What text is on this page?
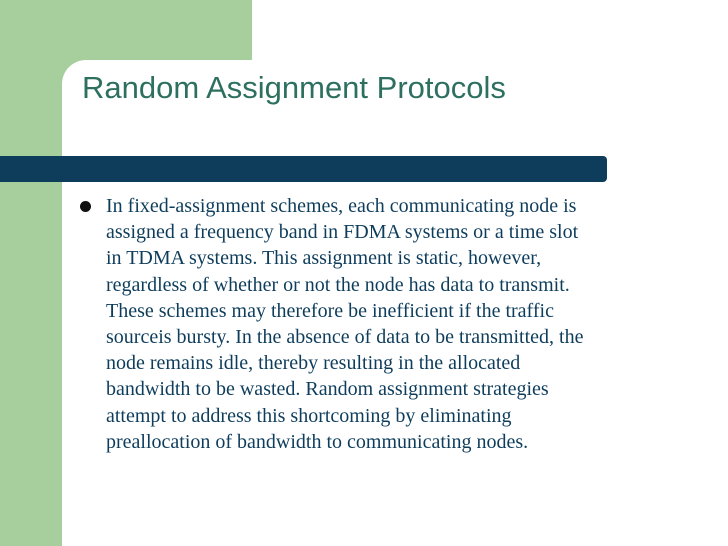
Random Assignment Protocols

In fixed-assignment schemes, each communicating node is
assigned a frequency band in FDMA systems or a time slot
in TDMA systems. This assignment is static, however,
regardless of whether or not the node has data to transmit.
These schemes may therefore be inefficient if the traffic
sourceis bursty. In the absence of data to be transmitted, the
node remains idle, thereby resulting in the allocated
bandwidth to be wasted. Random assignment strategies
attempt to address this shortcoming by eliminating
preallocation of bandwidth to communicating nodes.
